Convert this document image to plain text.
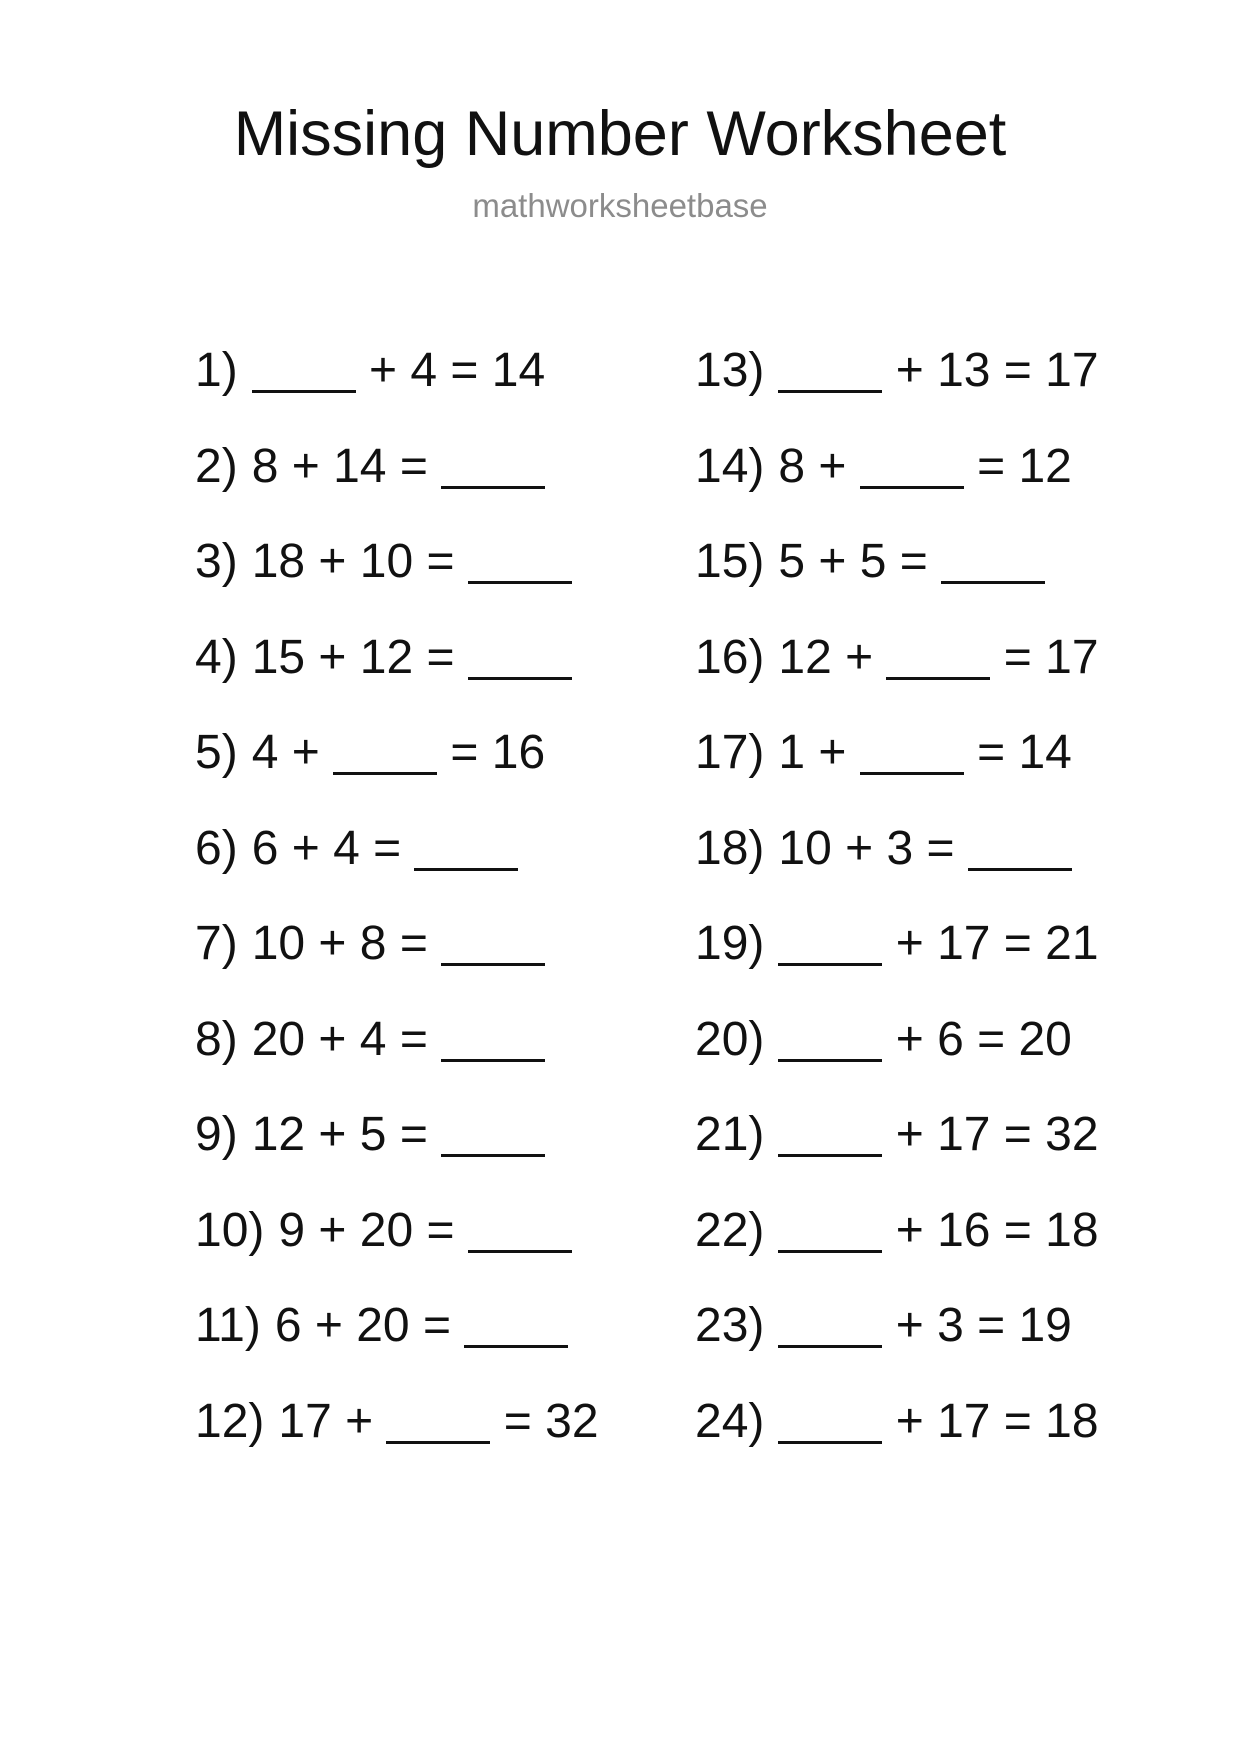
Missing Number Worksheet
mathworksheetbase
1) + 4 = 14
2) 8 + 14 =
3) 18 + 10 =
4) 15 + 12 =
5) 4 +  = 16
6) 6 + 4 =
7) 10 + 8 =
8) 20 + 4 =
9) 12 + 5 =
10) 9 + 20 =
11) 6 + 20 =
12) 17 +  = 32
13) + 13 = 17
14) 8 +  = 12
15) 5 + 5 =
16) 12 +  = 17
17) 1 +  = 14
18) 10 + 3 =
19) + 17 = 21
20) + 6 = 20
21) + 17 = 32
22) + 16 = 18
23) + 3 = 19
24) + 17 = 18
